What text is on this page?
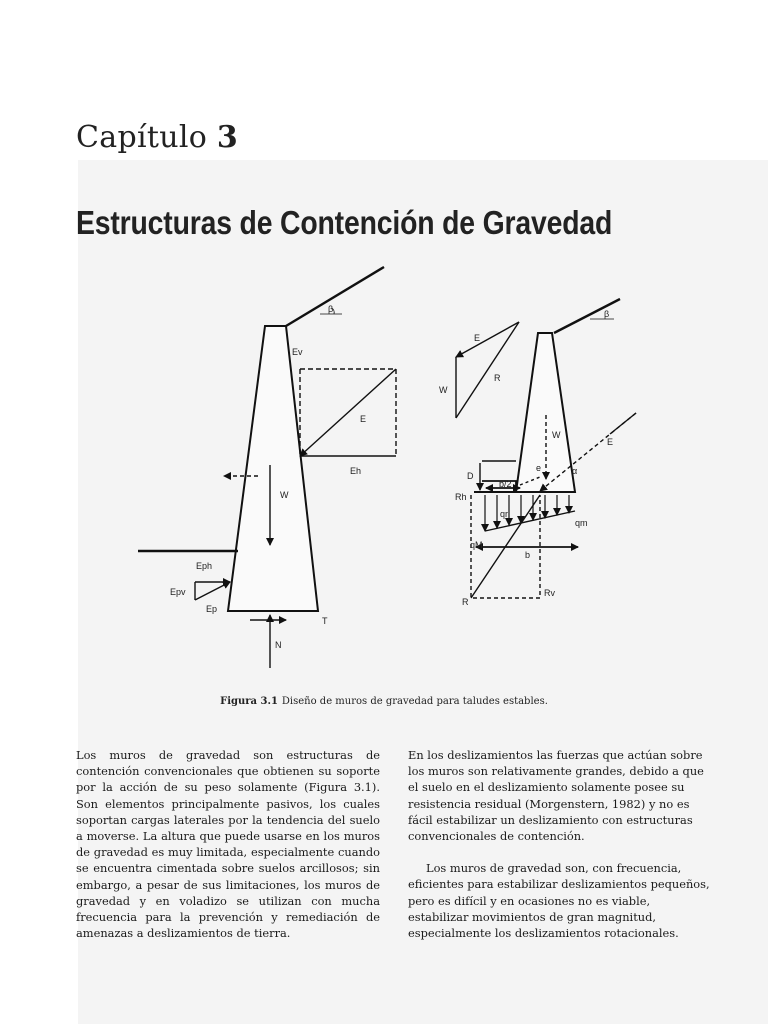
Capítulo 3
Estructuras de Contención de Gravedad
Ev
E
Eh
W
Eph
Epv
Ep
T
N
β
E
R
W
β
W
E
D
e	α
b/2
Rh
qr
qm
qM
b
R
Rv
Figura 3.1 Diseño de muros de gravedad para taludes estables.

Los muros de gravedad son estructuras de contención convencionales que obtienen su soporte por la acción de su peso solamente (Figura 3.1). Son elementos principalmente pasivos, los cuales soportan cargas laterales por la tendencia del suelo a moverse. La altura que puede usarse en los muros de gravedad es muy limitada, especialmente cuando se encuentra cimentada sobre suelos arcillosos; sin embargo, a pesar de sus limitaciones, los muros de gravedad y en voladizo se utilizan con mucha frecuencia para la prevención y remediación de amenazas a deslizamientos de tierra.

En los deslizamientos las fuerzas que actúan sobre los muros son relativamente grandes, debido a que el suelo en el deslizamiento solamente posee su resistencia residual (Morgenstern, 1982) y no es fácil estabilizar un deslizamiento con estructuras convencionales de contención.

Los muros de gravedad son, con frecuencia, eficientes para estabilizar deslizamientos pequeños, pero es difícil y en ocasiones no es viable, estabilizar movimientos de gran magnitud, especialmente los deslizamientos rotacionales.
